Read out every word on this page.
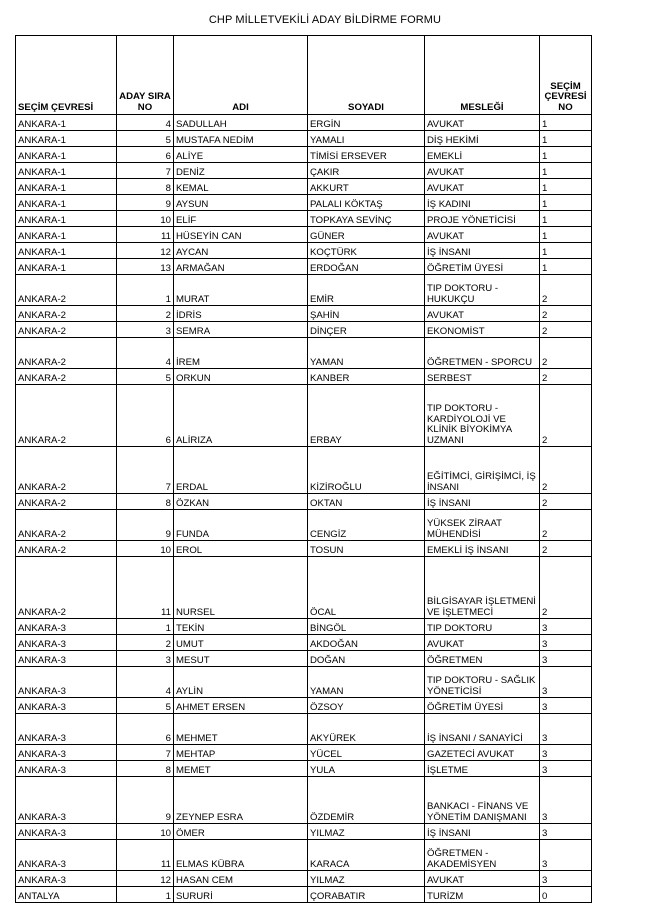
CHP MİLLETVEKİLİ ADAY BİLDİRME FORMU
SEÇİM ÇEVRESİ	ADAY SIRA NO	ADI	SOYADI	MESLEĞİ	SEÇİM ÇEVRESİ NO
ANKARA-1	4	SADULLAH	ERGİN	AVUKAT	1
ANKARA-1	5	MUSTAFA NEDİM	YAMALI	DİŞ HEKİMİ	1
ANKARA-1	6	ALİYE	TİMİSİ ERSEVER	EMEKLİ	1
ANKARA-1	7	DENİZ	ÇAKIR	AVUKAT	1
ANKARA-1	8	KEMAL	AKKURT	AVUKAT	1
ANKARA-1	9	AYSUN	PALALI KÖKTAŞ	İŞ KADINI	1
ANKARA-1	10	ELİF	TOPKAYA SEVİNÇ	PROJE YÖNETİCİSİ	1
ANKARA-1	11	HÜSEYİN CAN	GÜNER	AVUKAT	1
ANKARA-1	12	AYCAN	KOÇTÜRK	İŞ İNSANI	1
ANKARA-1	13	ARMAĞAN	ERDOĞAN	ÖĞRETİM ÜYESİ	1
ANKARA-2	1	MURAT	EMİR	TIP DOKTORU - HUKUKÇU	2
ANKARA-2	2	İDRİS	ŞAHİN	AVUKAT	2
ANKARA-2	3	SEMRA	DİNÇER	EKONOMİST	2
ANKARA-2	4	İREM	YAMAN	ÖĞRETMEN - SPORCU	2
ANKARA-2	5	ORKUN	KANBER	SERBEST	2
ANKARA-2	6	ALİRIZA	ERBAY	TIP DOKTORU - KARDİYOLOJİ VE KLİNİK BİYOKİMYA UZMANI	2
ANKARA-2	7	ERDAL	KİZİROĞLU	EĞİTİMCİ, GİRİŞİMCİ, İŞ İNSANI	2
ANKARA-2	8	ÖZKAN	OKTAN	İŞ İNSANI	2
ANKARA-2	9	FUNDA	CENGİZ	YÜKSEK ZİRAAT MÜHENDİSİ	2
ANKARA-2	10	EROL	TOSUN	EMEKLİ İŞ İNSANI	2
ANKARA-2	11	NURSEL	ÖCAL	BİLGİSAYAR İŞLETMENİ VE İŞLETMECİ	2
ANKARA-3	1	TEKİN	BİNGÖL	TIP DOKTORU	3
ANKARA-3	2	UMUT	AKDOĞAN	AVUKAT	3
ANKARA-3	3	MESUT	DOĞAN	ÖĞRETMEN	3
ANKARA-3	4	AYLİN	YAMAN	TIP DOKTORU - SAĞLIK YÖNETİCİSİ	3
ANKARA-3	5	AHMET ERSEN	ÖZSOY	ÖĞRETİM ÜYESİ	3
ANKARA-3	6	MEHMET	AKYÜREK	İŞ İNSANI / SANAYİCİ	3
ANKARA-3	7	MEHTAP	YÜCEL	GAZETECİ AVUKAT	3
ANKARA-3	8	MEMET	YULA	İŞLETME	3
ANKARA-3	9	ZEYNEP ESRA	ÖZDEMİR	BANKACI - FİNANS VE YÖNETİM DANIŞMANI	3
ANKARA-3	10	ÖMER	YILMAZ	İŞ İNSANI	3
ANKARA-3	11	ELMAS KÜBRA	KARACA	ÖĞRETMEN - AKADEMİSYEN	3
ANKARA-3	12	HASAN CEM	YILMAZ	AVUKAT	3
ANTALYA	1	SURURİ	ÇORABATIR	TURİZM	0
